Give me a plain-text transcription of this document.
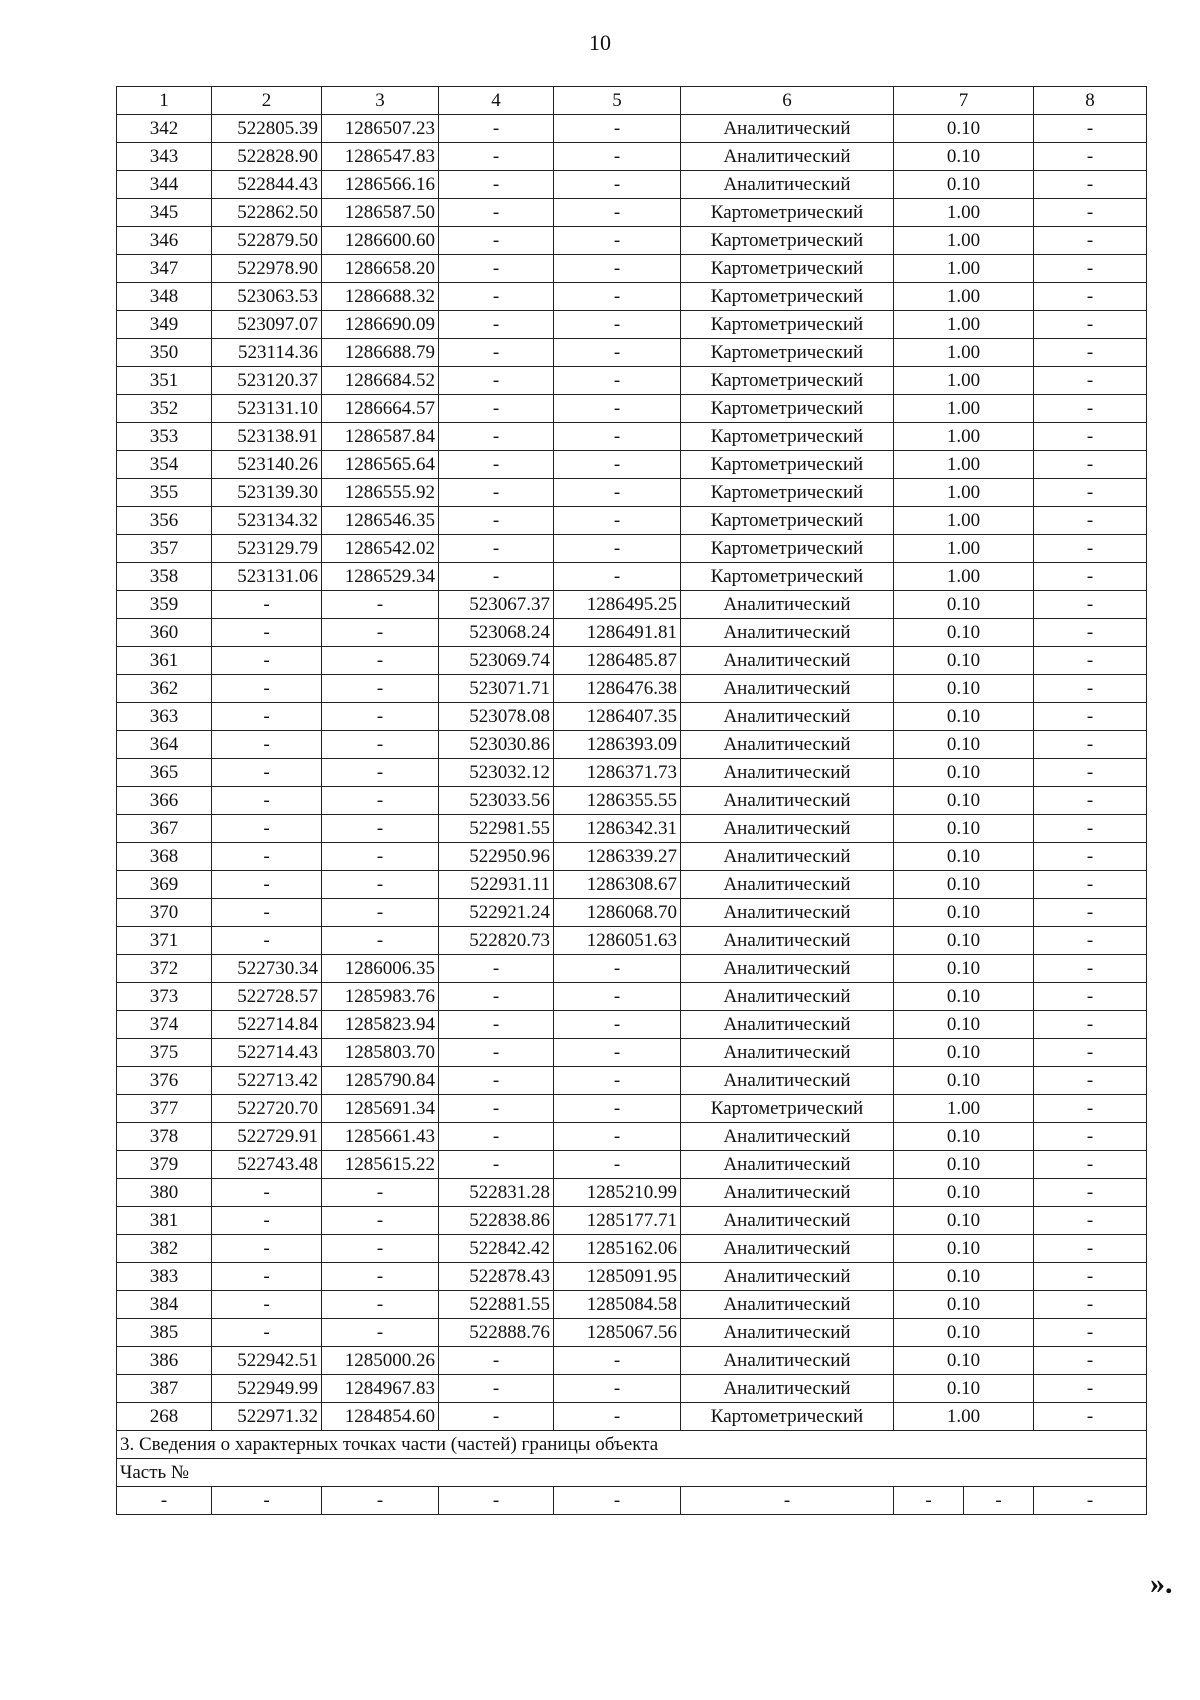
10
1	2	3	4	5	6	7		8
342	522805.39	1286507.23	-	-	Аналитический	0.10		-
343	522828.90	1286547.83	-	-	Аналитический	0.10		-
344	522844.43	1286566.16	-	-	Аналитический	0.10		-
345	522862.50	1286587.50	-	-	Картометрический	1.00		-
346	522879.50	1286600.60	-	-	Картометрический	1.00		-
347	522978.90	1286658.20	-	-	Картометрический	1.00		-
348	523063.53	1286688.32	-	-	Картометрический	1.00		-
349	523097.07	1286690.09	-	-	Картометрический	1.00		-
350	523114.36	1286688.79	-	-	Картометрический	1.00		-
351	523120.37	1286684.52	-	-	Картометрический	1.00		-
352	523131.10	1286664.57	-	-	Картометрический	1.00		-
353	523138.91	1286587.84	-	-	Картометрический	1.00		-
354	523140.26	1286565.64	-	-	Картометрический	1.00		-
355	523139.30	1286555.92	-	-	Картометрический	1.00		-
356	523134.32	1286546.35	-	-	Картометрический	1.00		-
357	523129.79	1286542.02	-	-	Картометрический	1.00		-
358	523131.06	1286529.34	-	-	Картометрический	1.00		-
359	-	-	523067.37	1286495.25	Аналитический	0.10		-
360	-	-	523068.24	1286491.81	Аналитический	0.10		-
361	-	-	523069.74	1286485.87	Аналитический	0.10		-
362	-	-	523071.71	1286476.38	Аналитический	0.10		-
363	-	-	523078.08	1286407.35	Аналитический	0.10		-
364	-	-	523030.86	1286393.09	Аналитический	0.10		-
365	-	-	523032.12	1286371.73	Аналитический	0.10		-
366	-	-	523033.56	1286355.55	Аналитический	0.10		-
367	-	-	522981.55	1286342.31	Аналитический	0.10		-
368	-	-	522950.96	1286339.27	Аналитический	0.10		-
369	-	-	522931.11	1286308.67	Аналитический	0.10		-
370	-	-	522921.24	1286068.70	Аналитический	0.10		-
371	-	-	522820.73	1286051.63	Аналитический	0.10		-
372	522730.34	1286006.35	-	-	Аналитический	0.10		-
373	522728.57	1285983.76	-	-	Аналитический	0.10		-
374	522714.84	1285823.94	-	-	Аналитический	0.10		-
375	522714.43	1285803.70	-	-	Аналитический	0.10		-
376	522713.42	1285790.84	-	-	Аналитический	0.10		-
377	522720.70	1285691.34	-	-	Картометрический	1.00		-
378	522729.91	1285661.43	-	-	Аналитический	0.10		-
379	522743.48	1285615.22	-	-	Аналитический	0.10		-
380	-	-	522831.28	1285210.99	Аналитический	0.10		-
381	-	-	522838.86	1285177.71	Аналитический	0.10		-
382	-	-	522842.42	1285162.06	Аналитический	0.10		-
383	-	-	522878.43	1285091.95	Аналитический	0.10		-
384	-	-	522881.55	1285084.58	Аналитический	0.10		-
385	-	-	522888.76	1285067.56	Аналитический	0.10		-
386	522942.51	1285000.26	-	-	Аналитический	0.10		-
387	522949.99	1284967.83	-	-	Аналитический	0.10		-
268	522971.32	1284854.60	-	-	Картометрический	1.00		-
3. Сведения о характерных точках части (частей) границы объекта								
Часть №								
-	-	-	-	-	-	-	-	-
».
